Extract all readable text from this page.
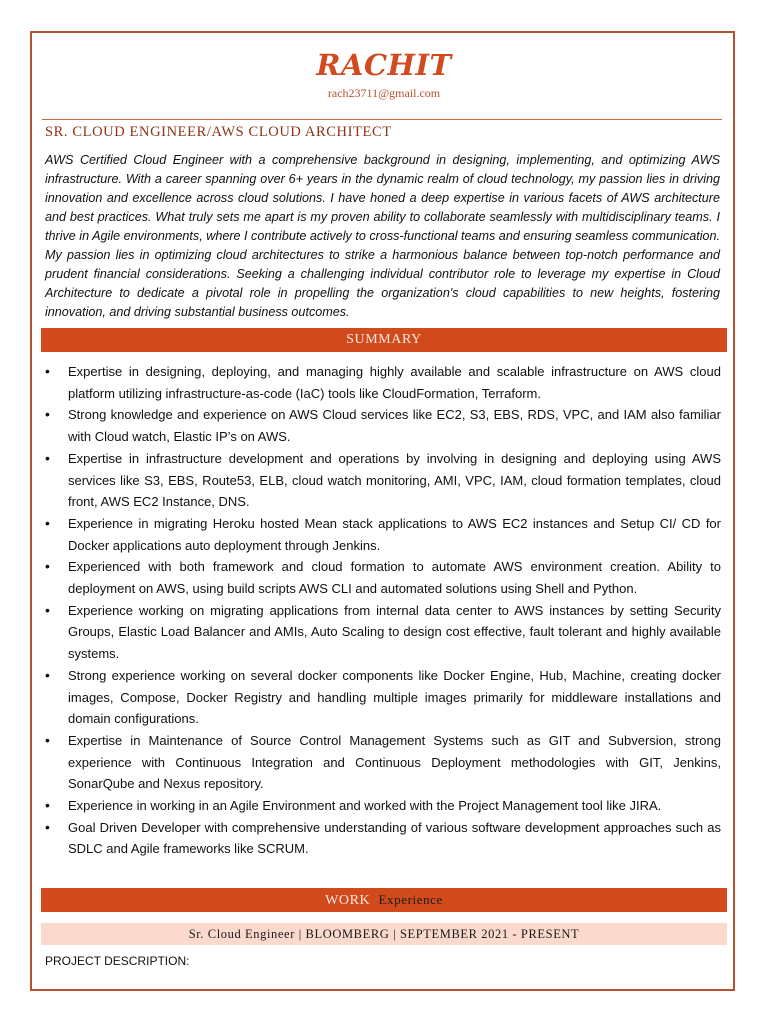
RACHIT
rach23711@gmail.com
SR. CLOUD ENGINEER/AWS CLOUD ARCHITECT

AWS Certified Cloud Engineer with a comprehensive background in designing, implementing, and optimizing AWS infrastructure. With a career spanning over 6+ years in the dynamic realm of cloud technology, my passion lies in driving innovation and excellence across cloud solutions. I have honed a deep expertise in various facets of AWS architecture and best practices. What truly sets me apart is my proven ability to collaborate seamlessly with multidisciplinary teams. I thrive in Agile environments, where I contribute actively to cross-functional teams and ensuring seamless communication. My passion lies in optimizing cloud architectures to strike a harmonious balance between top-notch performance and prudent financial considerations. Seeking a challenging individual contributor role to leverage my expertise in Cloud Architecture to dedicate a pivotal role in propelling the organization's cloud capabilities to new heights, fostering innovation, and driving substantial business outcomes.

SUMMARY
• Expertise in designing, deploying, and managing highly available and scalable infrastructure on AWS cloud platform utilizing infrastructure-as-code (IaC) tools like CloudFormation, Terraform.
• Strong knowledge and experience on AWS Cloud services like EC2, S3, EBS, RDS, VPC, and IAM also familiar with Cloud watch, Elastic IP’s on AWS.
• Expertise in infrastructure development and operations by involving in designing and deploying using AWS services like S3, EBS, Route53, ELB, cloud watch monitoring, AMI, VPC, IAM, cloud formation templates, cloud front, AWS EC2 Instance, DNS.
• Experience in migrating Heroku hosted Mean stack applications to AWS EC2 instances and Setup CI/ CD for Docker applications auto deployment through Jenkins.
• Experienced with both framework and cloud formation to automate AWS environment creation. Ability to deployment on AWS, using build scripts AWS CLI and automated solutions using Shell and Python.
• Experience working on migrating applications from internal data center to AWS instances by setting Security Groups, Elastic Load Balancer and AMIs, Auto Scaling to design cost effective, fault tolerant and highly available systems.
• Strong experience working on several docker components like Docker Engine, Hub, Machine, creating docker images, Compose, Docker Registry and handling multiple images primarily for middleware installations and domain configurations.
• Expertise in Maintenance of Source Control Management Systems such as GIT and Subversion, strong experience with Continuous Integration and Continuous Deployment methodologies with GIT, Jenkins, SonarQube and Nexus repository.
• Experience in working in an Agile Environment and worked with the Project Management tool like JIRA.
• Goal Driven Developer with comprehensive understanding of various software development approaches such as SDLC and Agile frameworks like SCRUM.
WORK Experience
Sr. Cloud Engineer | BLOOMBERG | SEPTEMBER 2021 - PRESENT
PROJECT DESCRIPTION:
